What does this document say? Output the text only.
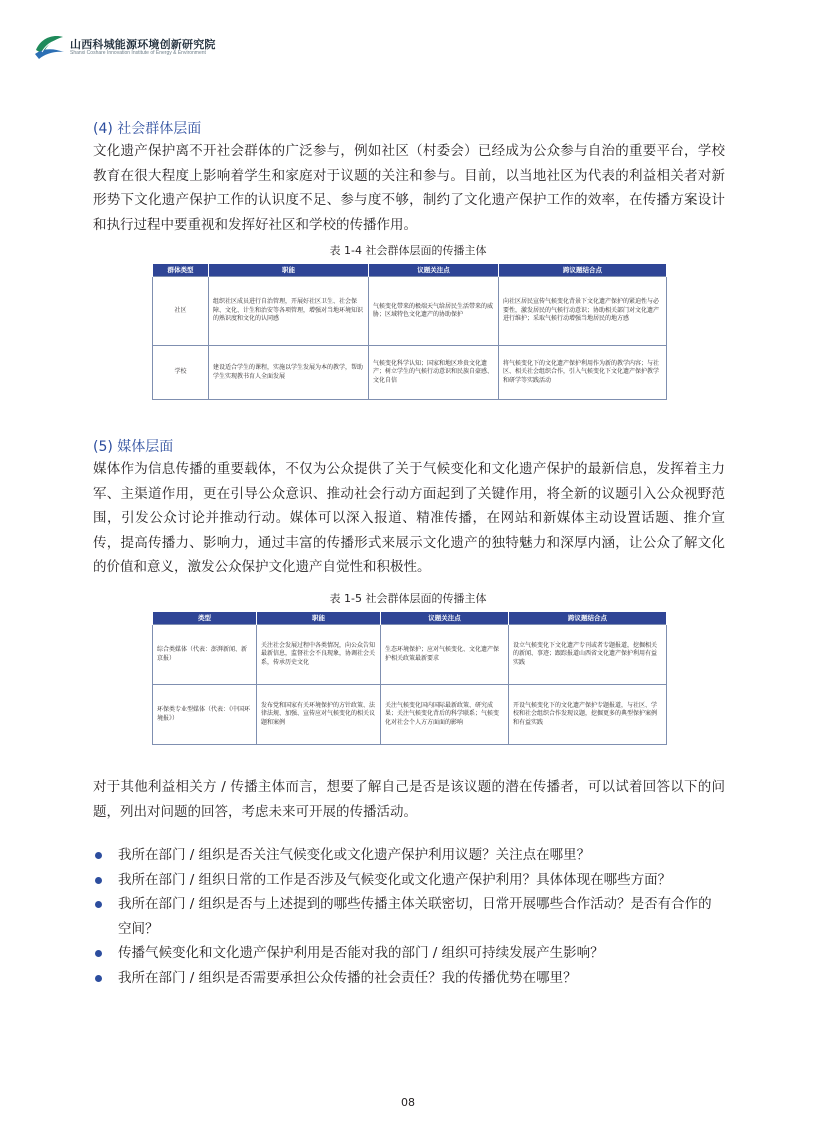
山西科城能源环境创新研究院
Shanxi Coshare Innovation Institute of Energy & Environment
(4) 社会群体层面

文化遗产保护离不开社会群体的广泛参与，例如社区（村委会）已经成为公众参与自治的重要平台，学校教育在很大程度上影响着学生和家庭对于议题的关注和参与。目前，以当地社区为代表的利益相关者对新形势下文化遗产保护工作的认识度不足、参与度不够，制约了文化遗产保护工作的效率，在传播方案设计和执行过程中要重视和发挥好社区和学校的传播作用。

表 1-4 社会群体层面的传播主体

群体类型	职能	议题关注点	跨议题结合点
社区	组织社区成员进行自治管理，开展好社区卫生、社会保障、文化、计生和治安等各项管理，增强对当地环境知识的熟识度和文化的认同感	气候变化带来的极端天气给居民生活带来的威胁；区域特色文化遗产的协助保护	向社区居民宣传气候变化背景下文化遗产保护的紧迫性与必要性，激发居民的气候行动意识；协助相关部门对文化遗产进行维护；采取气候行动增强当地居民的地方感
学校	建设适合学生的课程，实施以学生发展为本的教学，帮助学生实现教书育人全面发展	气候变化科学认知；国家和地区珍贵文化遗产；树立学生的气候行动意识和民族自豪感、文化自信	将气候变化下的文化遗产保护利用作为新的教学内容；与社区、相关社会组织合作，引入气候变化下文化遗产保护教学和研学等实践活动
(5) 媒体层面

媒体作为信息传播的重要载体，不仅为公众提供了关于气候变化和文化遗产保护的最新信息，发挥着主力军、主渠道作用，更在引导公众意识、推动社会行动方面起到了关键作用，将全新的议题引入公众视野范围，引发公众讨论并推动行动。媒体可以深入报道、精准传播，在网站和新媒体主动设置话题、推介宣传，提高传播力、影响力，通过丰富的传播形式来展示文化遗产的独特魅力和深厚内涵，让公众了解文化的价值和意义，激发公众保护文化遗产自觉性和积极性。

表 1-5 社会群体层面的传播主体

类型	职能	议题关注点	跨议题结合点
综合类媒体（代表：澎湃新闻、新京报）	关注社会发展过程中各类情况，向公众告知最新信息，监督社会不良现象，协调社会关系，传承历史文化	生态环境保护；应对气候变化、文化遗产保护相关政策最新要求	设立气候变化下文化遗产专刊或者专题报道，挖掘相关的新闻、事迹；跟踪报道山西省文化遗产保护利用有益实践
环保类专业型媒体（代表：《中国环境报》）	发布党和国家有关环境保护的方针政策、法律法规、加强、宣传应对气候变化的相关议题和案例	关注气候变化国内国际最新政策、研究成果；关注气候变化背后的科学联系；气候变化对社会个人方方面面的影响	开设气候变化下的文化遗产保护专题报道，与社区、学校和社会组织合作发现议题，挖掘更多的典型保护案例和有益实践

对于其他利益相关方 / 传播主体而言，想要了解自己是否是该议题的潜在传播者，可以试着回答以下的问题，列出对问题的回答，考虑未来可开展的传播活动。

我所在部门 / 组织是否关注气候变化或文化遗产保护利用议题？关注点在哪里？
我所在部门 / 组织日常的工作是否涉及气候变化或文化遗产保护利用？具体体现在哪些方面？
我所在部门 / 组织是否与上述提到的哪些传播主体关联密切，日常开展哪些合作活动？是否有合作的空间？
传播气候变化和文化遗产保护利用是否能对我的部门 / 组织可持续发展产生影响？
我所在部门 / 组织是否需要承担公众传播的社会责任？我的传播优势在哪里？
08
